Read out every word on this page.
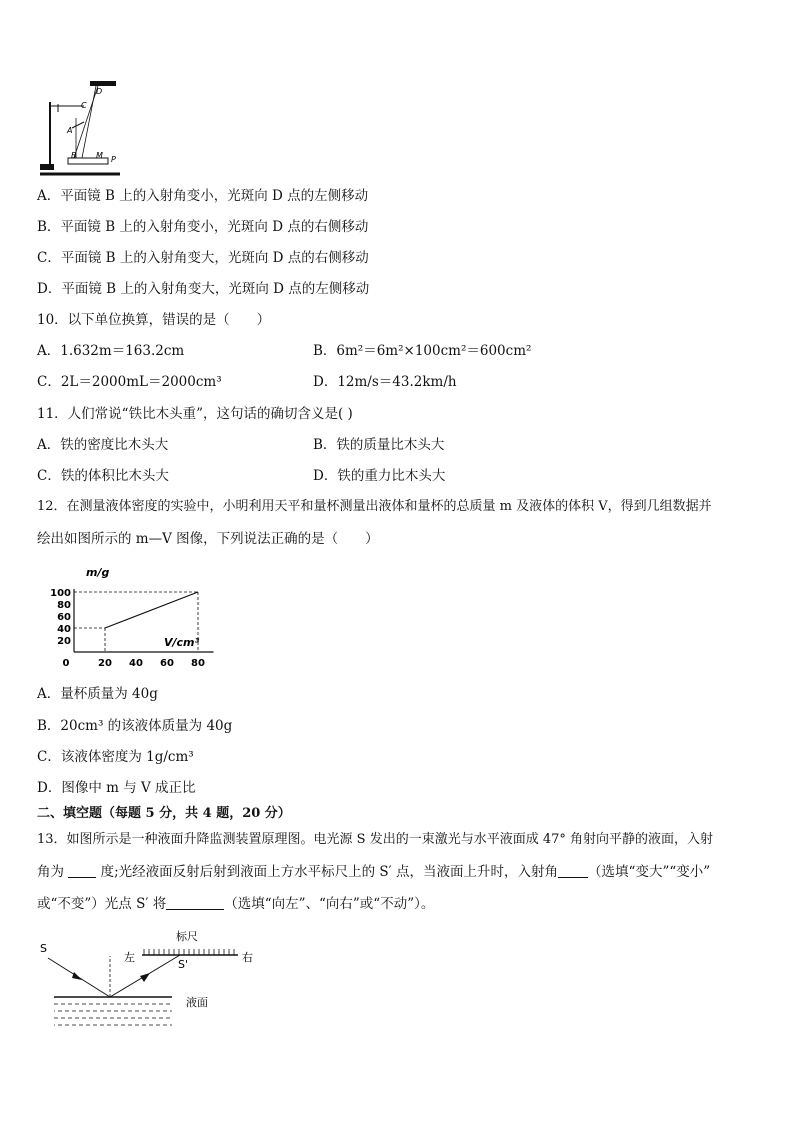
D
C
A
B M P
A．平面镜 B 上的入射角变小，光斑向 D 点的左侧移动
B．平面镜 B 上的入射角变小，光斑向 D 点的右侧移动
C．平面镜 B 上的入射角变大，光斑向 D 点的右侧移动
D．平面镜 B 上的入射角变大，光斑向 D 点的左侧移动
10．以下单位换算，错误的是（　　）
A．1.632m＝163.2cm	B．6m²＝6m²×100cm²＝600cm²
C．2L＝2000mL＝2000cm³	D．12m/s＝43.2km/h
11．人们常说“铁比木头重”，这句话的确切含义是( )
A．铁的密度比木头大	B．铁的质量比木头大
C．铁的体积比木头大	D．铁的重力比木头大
12．在测量液体密度的实验中，小明利用天平和量杯测量出液体和量杯的总质量 m 及液体的体积 V，得到几组数据并
绘出如图所示的 m—V 图像，下列说法正确的是（　　）
m/g
V/cm³
20
40
60
80
100
0	20 40 60 80
A．量杯质量为 40g
B．20cm³ 的该液体质量为 40g
C．该液体密度为 1g/cm³
D．图像中 m 与 V 成正比
二、填空题（每题 5 分，共 4 题，20 分）
13．如图所示是一种液面升降监测装置原理图。电光源 S 发出的一束激光与水平液面成 47° 角射向平静的液面，入射
角为	度;光经液面反射后射到液面上方水平标尺上的 S′ 点，当液面上升时，入射角 （选填“变大”“变小”
或“不变”）光点 S′ 将	（选填“向左”、“向右”或“不动”）。
标尺
左	右
S
S'
液面
